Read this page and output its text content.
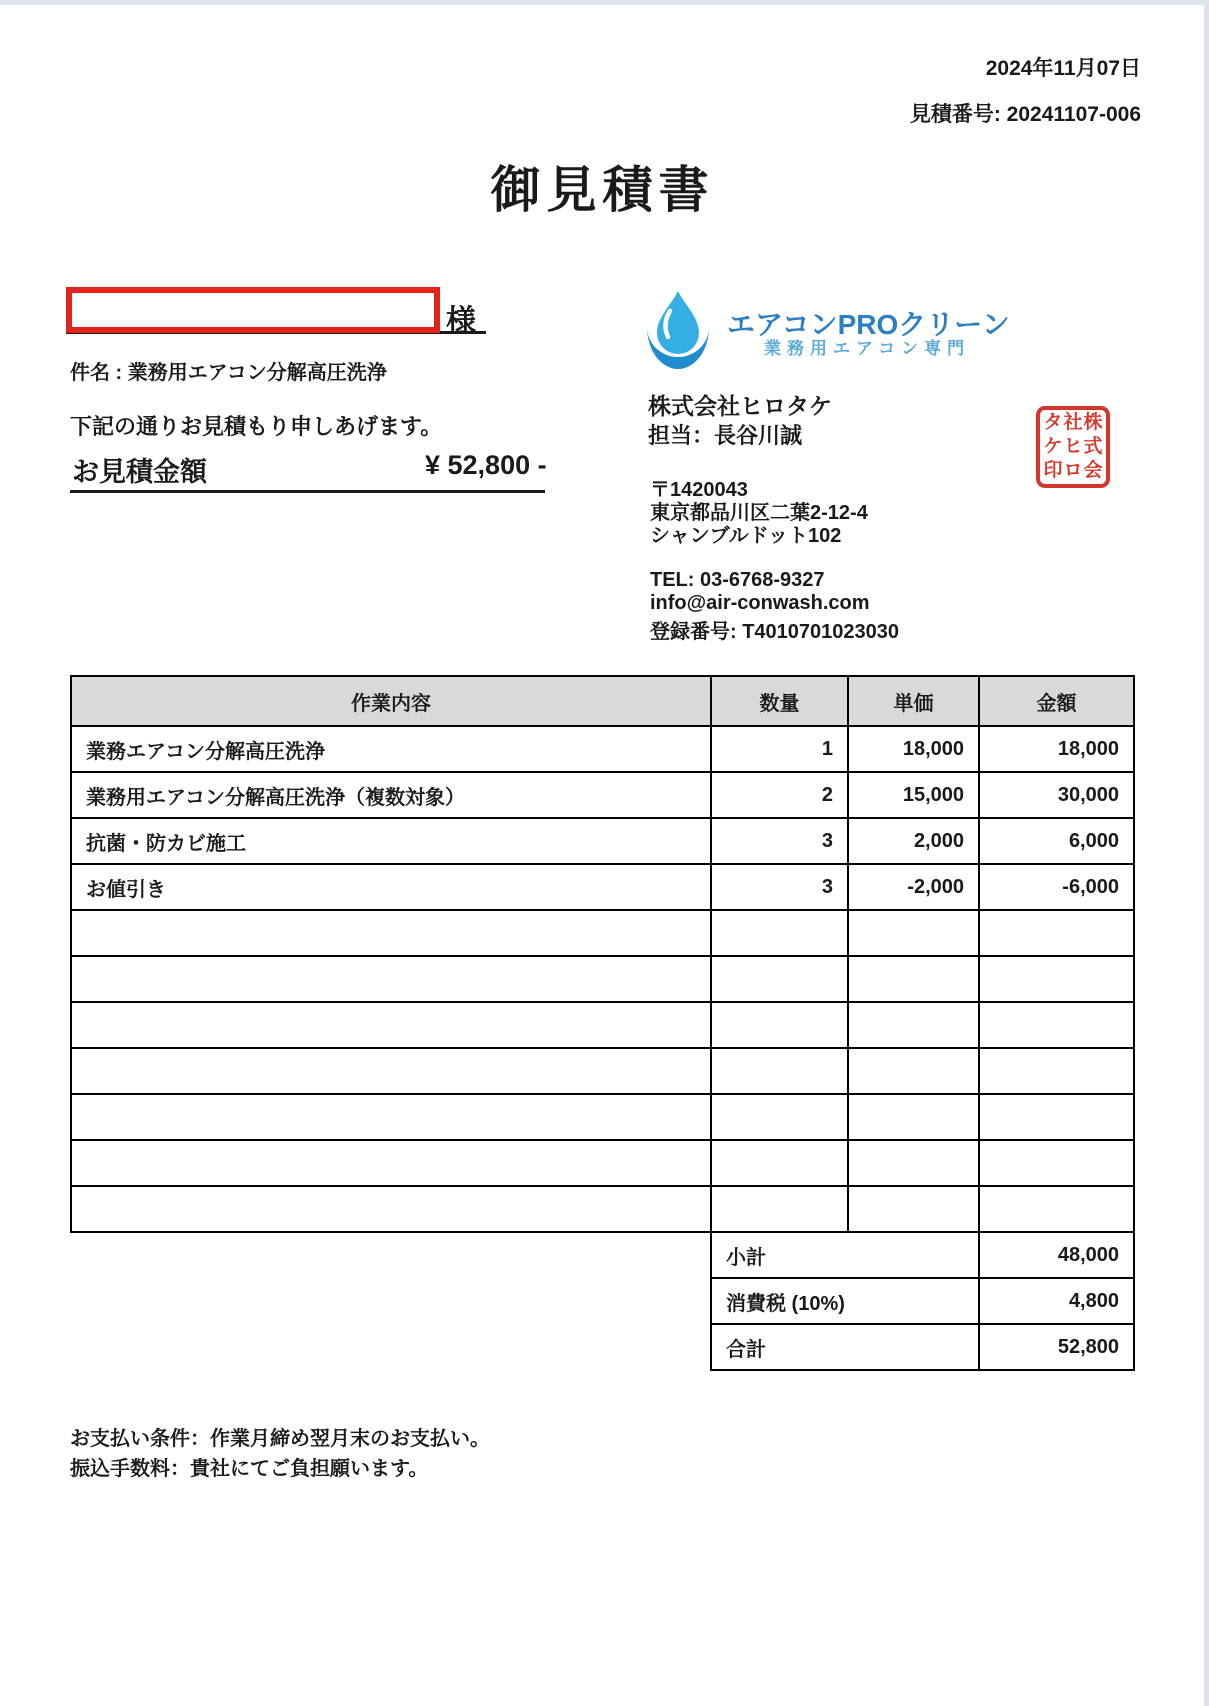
2024年11月07日
見積番号: 20241107-006
御見積書
様
件名 : 業務用エアコン分解高圧洗浄
下記の通りお見積もり申しあげます。
お見積金額	¥ 52,800 -
エアコンPROクリーン
業務用エアコン専門
株式会社ヒロタケ
担当：長谷川誠
〒1420043
東京都品川区二葉2-12-4
シャンブルドット102
TEL: 03-6768-9327
info@air-conwash.com
登録番号: T4010701023030
株
式
会
社
ヒ
ロ
タ
ケ
印
作業内容	数量	単価	金額
業務エアコン分解高圧洗浄	1	18,000	18,000
業務用エアコン分解高圧洗浄（複数対象）	2	15,000	30,000
抗菌・防カビ施工	3	2,000	6,000
お値引き	3	-2,000	-6,000
小計	48,000
消費税 (10%)	4,800
合計	52,800
お支払い条件：作業月締め翌月末のお支払い。
振込手数料：貴社にてご負担願います。
